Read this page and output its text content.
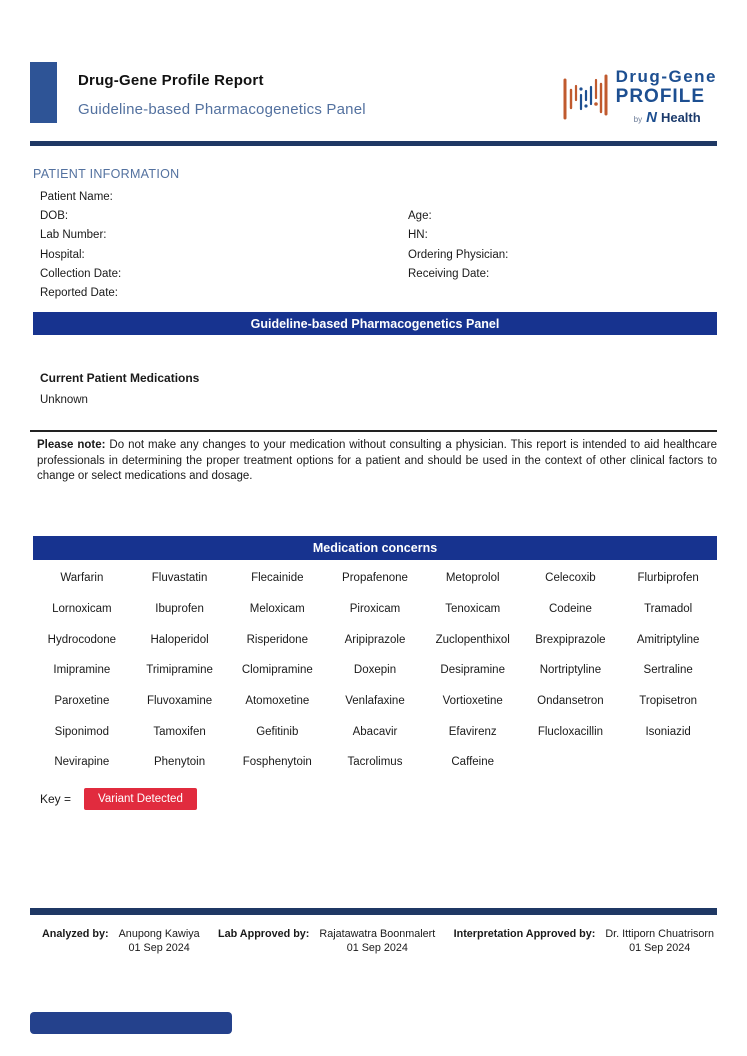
Drug-Gene Profile Report
Guideline-based Pharmacogenetics Panel
Drug-Gene
PROFILE
by N Health
PATIENT INFORMATION
Patient Name:
DOB:	Age:
Lab Number:	HN:
Hospital:	Ordering Physician:
Collection Date:	Receiving Date:
Reported Date:
Guideline-based Pharmacogenetics Panel
Current Patient Medications
Unknown

Please note: Do not make any changes to your medication without consulting a physician. This report is intended to aid healthcare professionals in determining the proper treatment options for a patient and should be used in the context of other clinical factors to change or select medications and dosage.

Medication concerns
Warfarin	Fluvastatin	Flecainide	Propafenone	Metoprolol	Celecoxib	Flurbiprofen
Lornoxicam	Ibuprofen	Meloxicam	Piroxicam	Tenoxicam	Codeine	Tramadol
Hydrocodone	Haloperidol	Risperidone	Aripiprazole	Zuclopenthixol	Brexpiprazole	Amitriptyline
Imipramine	Trimipramine	Clomipramine	Doxepin	Desipramine	Nortriptyline	Sertraline
Paroxetine	Fluvoxamine	Atomoxetine	Venlafaxine	Vortioxetine	Ondansetron	Tropisetron
Siponimod	Tamoxifen	Gefitinib	Abacavir	Efavirenz	Flucloxacillin	Isoniazid
Nevirapine	Phenytoin	Fosphenytoin	Tacrolimus	Caffeine
Key =	Variant Detected
Analyzed by: Anupong Kawiya
01 Sep 2024
Lab Approved by: Rajatawatra Boonmalert
01 Sep 2024
Interpretation Approved by: Dr. Ittiporn Chuatrisorn
01 Sep 2024
